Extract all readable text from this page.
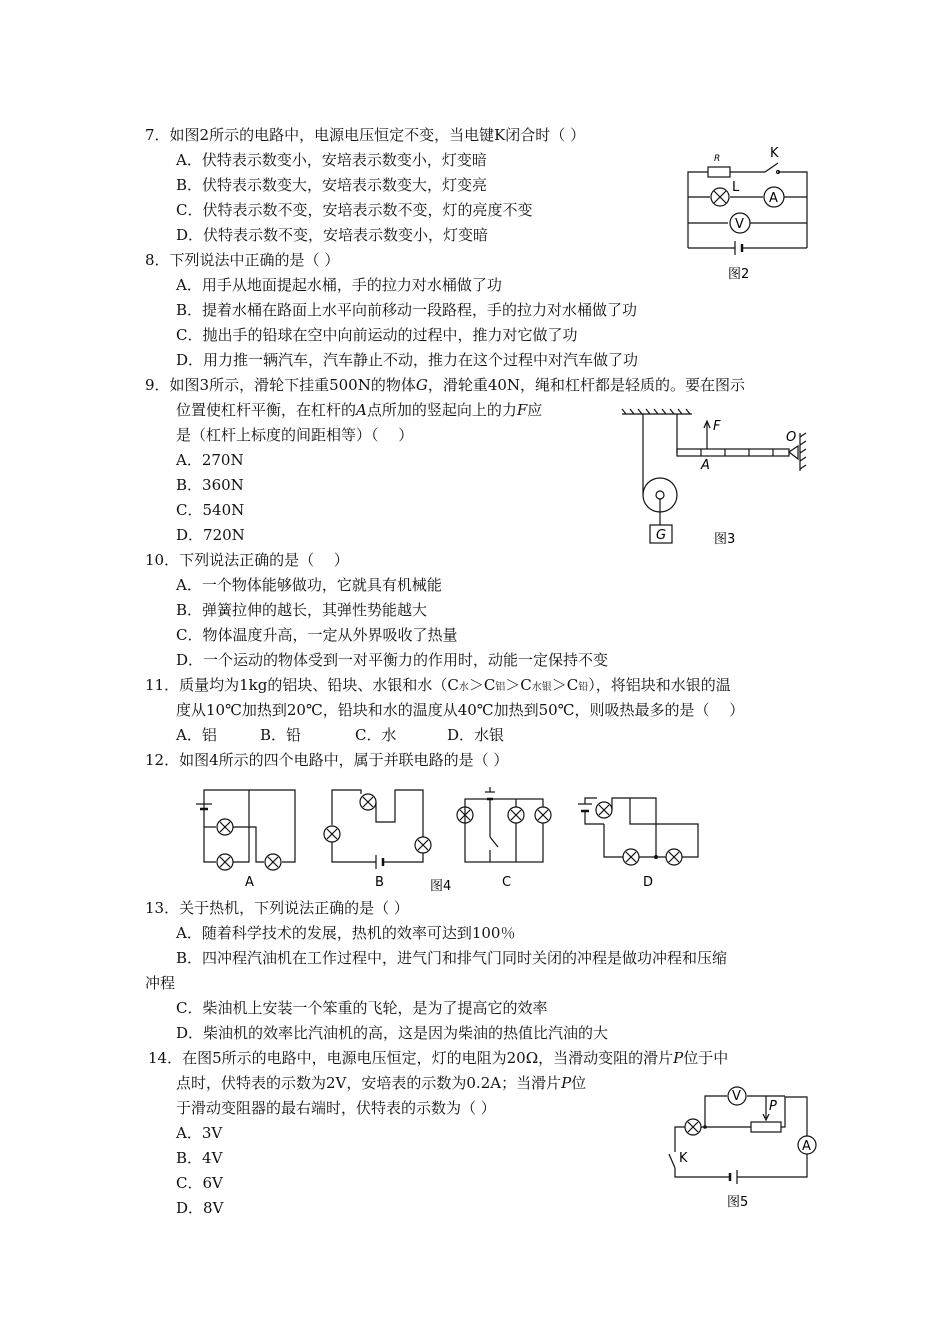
7．如图2所示的电路中，电源电压恒定不变，当电键K闭合时（ ）
A．伏特表示数变小，安培表示数变小，灯变暗
B．伏特表示数变大，安培表示数变大，灯变亮
C．伏特表示数不变，安培表示数不变，灯的亮度不变
D．伏特表示数不变，安培表示数变小，灯变暗
R	K
L
A
V
图2
8．下列说法中正确的是（ ）
A．用手从地面提起水桶，手的拉力对水桶做了功
B．提着水桶在路面上水平向前移动一段路程，手的拉力对水桶做了功
C．抛出手的铅球在空中向前运动的过程中，推力对它做了功
D．用力推一辆汽车，汽车静止不动，推力在这个过程中对汽车做了功
9．如图3所示，滑轮下挂重500N的物体G，滑轮重40N，绳和杠杆都是轻质的。要在图示
位置使杠杆平衡，在杠杆的A点所加的竖起向上的力F应
是（杠杆上标度的间距相等）（　 ）
A．270N
B．360N
C．540N
D．720N
F
O
A
G	图3
10．下列说法正确的是（　 ）
A．一个物体能够做功，它就具有机械能
B．弹簧拉伸的越长，其弹性势能越大
C．物体温度升高，一定从外界吸收了热量
D．一个运动的物体受到一对平衡力的作用时，动能一定保持不变
11．质量均为1kg的铝块、铅块、水银和水（C水＞C铝＞C水银＞C铅），将铝块和水银的温
度从10℃加热到20℃，铅块和水的温度从40℃加热到50℃，则吸热最多的是（　 ）
A．铝	B．铅	C．水	D．水银
12．如图4所示的四个电路中，属于并联电路的是（ ）
A	B	图4	C	D
13．关于热机，下列说法正确的是（ ）
A．随着科学技术的发展，热机的效率可达到100％
B．四冲程汽油机在工作过程中，进气门和排气门同时关闭的冲程是做功冲程和压缩
冲程
C．柴油机上安装一个笨重的飞轮，是为了提高它的效率
D．柴油机的效率比汽油机的高，这是因为柴油的热值比汽油的大
14．在图5所示的电路中，电源电压恒定，灯的电阻为20Ω，当滑动变阻的滑片P位于中
点时，伏特表的示数为2V，安培表的示数为0.2A；当滑片P位
于滑动变阻器的最右端时，伏特表的示数为（ ）
A．3V
B．4V
C．6V
D．8V
V
P
A
K
图5
